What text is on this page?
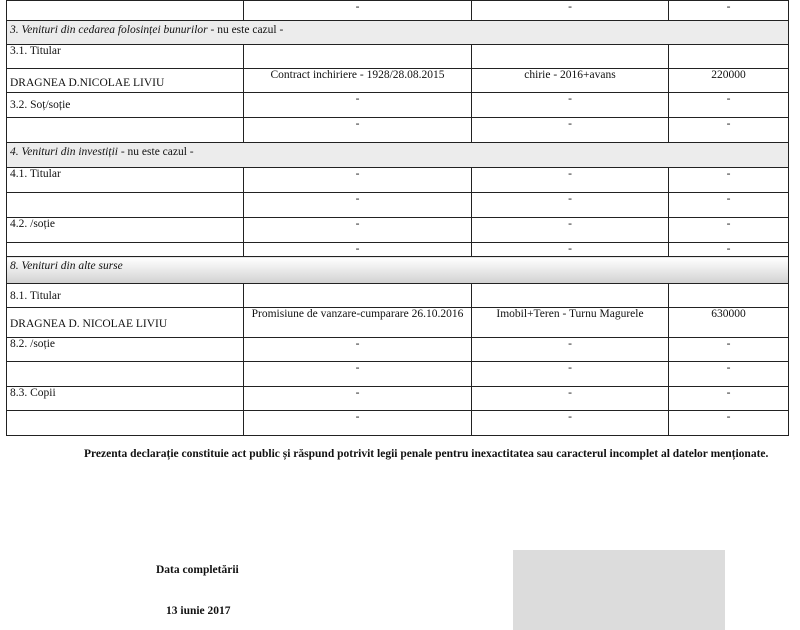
	-	-	-
3. Venituri din cedarea folosinței bunurilor - nu este cazul -			
3.1. Titular			
DRAGNEA D.NICOLAE LIVIU	Contract inchiriere - 1928/28.08.2015	chirie - 2016+avans	220000
3.2. Soț/soție	-	-	-
	-	-	-
4. Venituri din investiții - nu este cazul -			
4.1. Titular	-	-	-
	-	-	-
4.2. /soție	-	-	-
	-	-	-
8. Venituri din alte surse			
8.1. Titular			
DRAGNEA D. NICOLAE LIVIU	Promisiune de vanzare-cumparare 26.10.2016	Imobil+Teren - Turnu Magurele	630000
8.2. /soție	-	-	-
	-	-	-
8.3. Copii	-	-	-
	-	-	-
Prezenta declarație constituie act public și răspund potrivit legii penale pentru inexactitatea sau caracterul incomplet al datelor menționate.
Data completării
13 iunie 2017
